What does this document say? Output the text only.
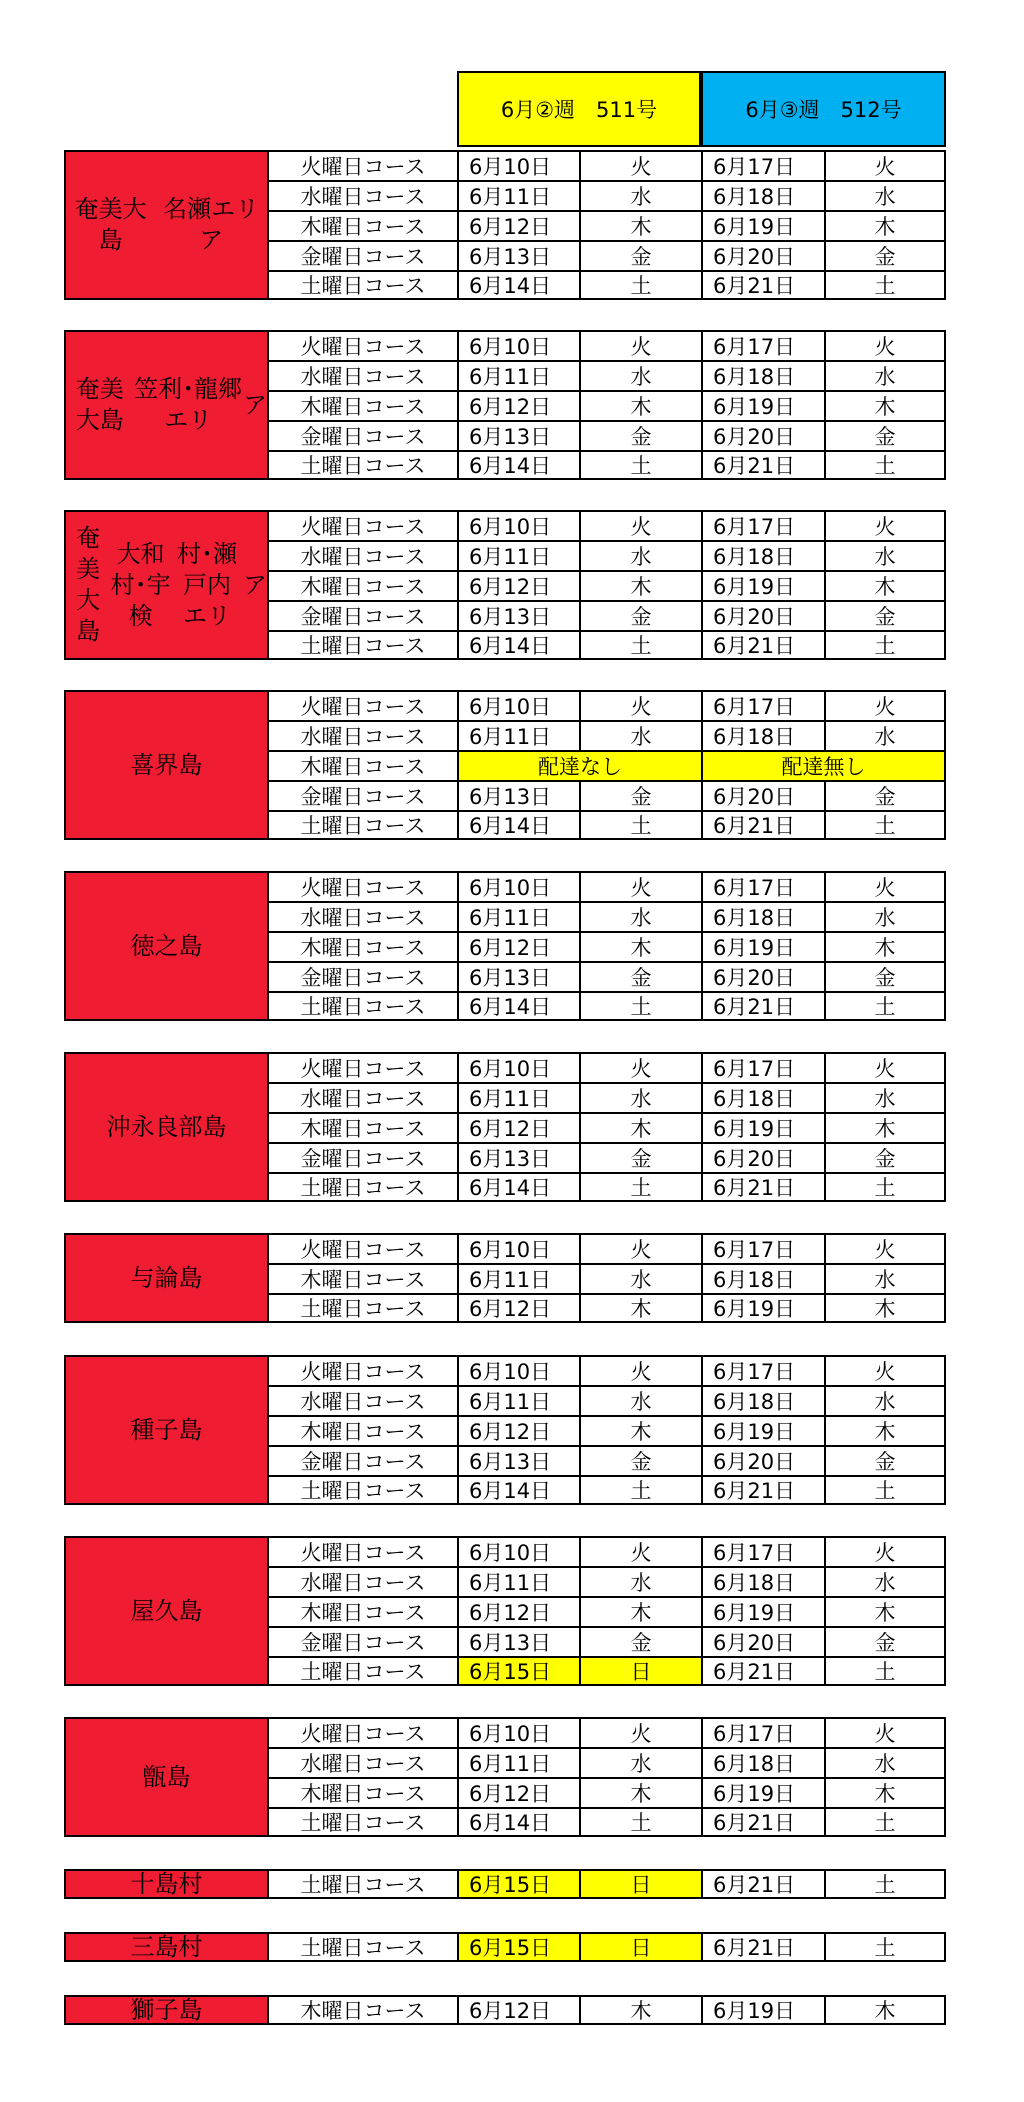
6月②週　511号	6月③週　512号
奄美大島
名瀬エリア
火曜日コース	6月10日	火	6月17日	火
水曜日コース	6月11日	水	6月18日	水
木曜日コース	6月12日	木	6月19日	木
金曜日コース	6月13日	金	6月20日	金
土曜日コース	6月14日	土	6月21日	土
奄美大島
笠利･龍郷エリ
ア
火曜日コース	6月10日	火	6月17日	火
水曜日コース	6月11日	水	6月18日	水
木曜日コース	6月12日	木	6月19日	木
金曜日コース	6月13日	金	6月20日	金
土曜日コース	6月14日	土	6月21日	土
奄美大島
大和村･宇検
村･瀬戸内エリ
ア
火曜日コース	6月10日	火	6月17日	火
水曜日コース	6月11日	水	6月18日	水
木曜日コース	6月12日	木	6月19日	木
金曜日コース	6月13日	金	6月20日	金
土曜日コース	6月14日	土	6月21日	土
喜界島
火曜日コース	6月10日	火	6月17日	火
水曜日コース	6月11日	水	6月18日	水
木曜日コース	配達なし	配達無し
金曜日コース	6月13日	金	6月20日	金
土曜日コース	6月14日	土	6月21日	土
徳之島
火曜日コース	6月10日	火	6月17日	火
水曜日コース	6月11日	水	6月18日	水
木曜日コース	6月12日	木	6月19日	木
金曜日コース	6月13日	金	6月20日	金
土曜日コース	6月14日	土	6月21日	土
沖永良部島
火曜日コース	6月10日	火	6月17日	火
水曜日コース	6月11日	水	6月18日	水
木曜日コース	6月12日	木	6月19日	木
金曜日コース	6月13日	金	6月20日	金
土曜日コース	6月14日	土	6月21日	土
与論島
火曜日コース	6月10日	火	6月17日	火
木曜日コース	6月11日	水	6月18日	水
土曜日コース	6月12日	木	6月19日	木
種子島
火曜日コース	6月10日	火	6月17日	火
水曜日コース	6月11日	水	6月18日	水
木曜日コース	6月12日	木	6月19日	木
金曜日コース	6月13日	金	6月20日	金
土曜日コース	6月14日	土	6月21日	土
屋久島
火曜日コース	6月10日	火	6月17日	火
水曜日コース	6月11日	水	6月18日	水
木曜日コース	6月12日	木	6月19日	木
金曜日コース	6月13日	金	6月20日	金
土曜日コース	6月15日	日	6月21日	土
甑島
火曜日コース	6月10日	火	6月17日	火
水曜日コース	6月11日	水	6月18日	水
木曜日コース	6月12日	木	6月19日	木
土曜日コース	6月14日	土	6月21日	土
十島村	土曜日コース	6月15日	日	6月21日	土
三島村	土曜日コース	6月15日	日	6月21日	土
獅子島	木曜日コース	6月12日	木	6月19日	木
